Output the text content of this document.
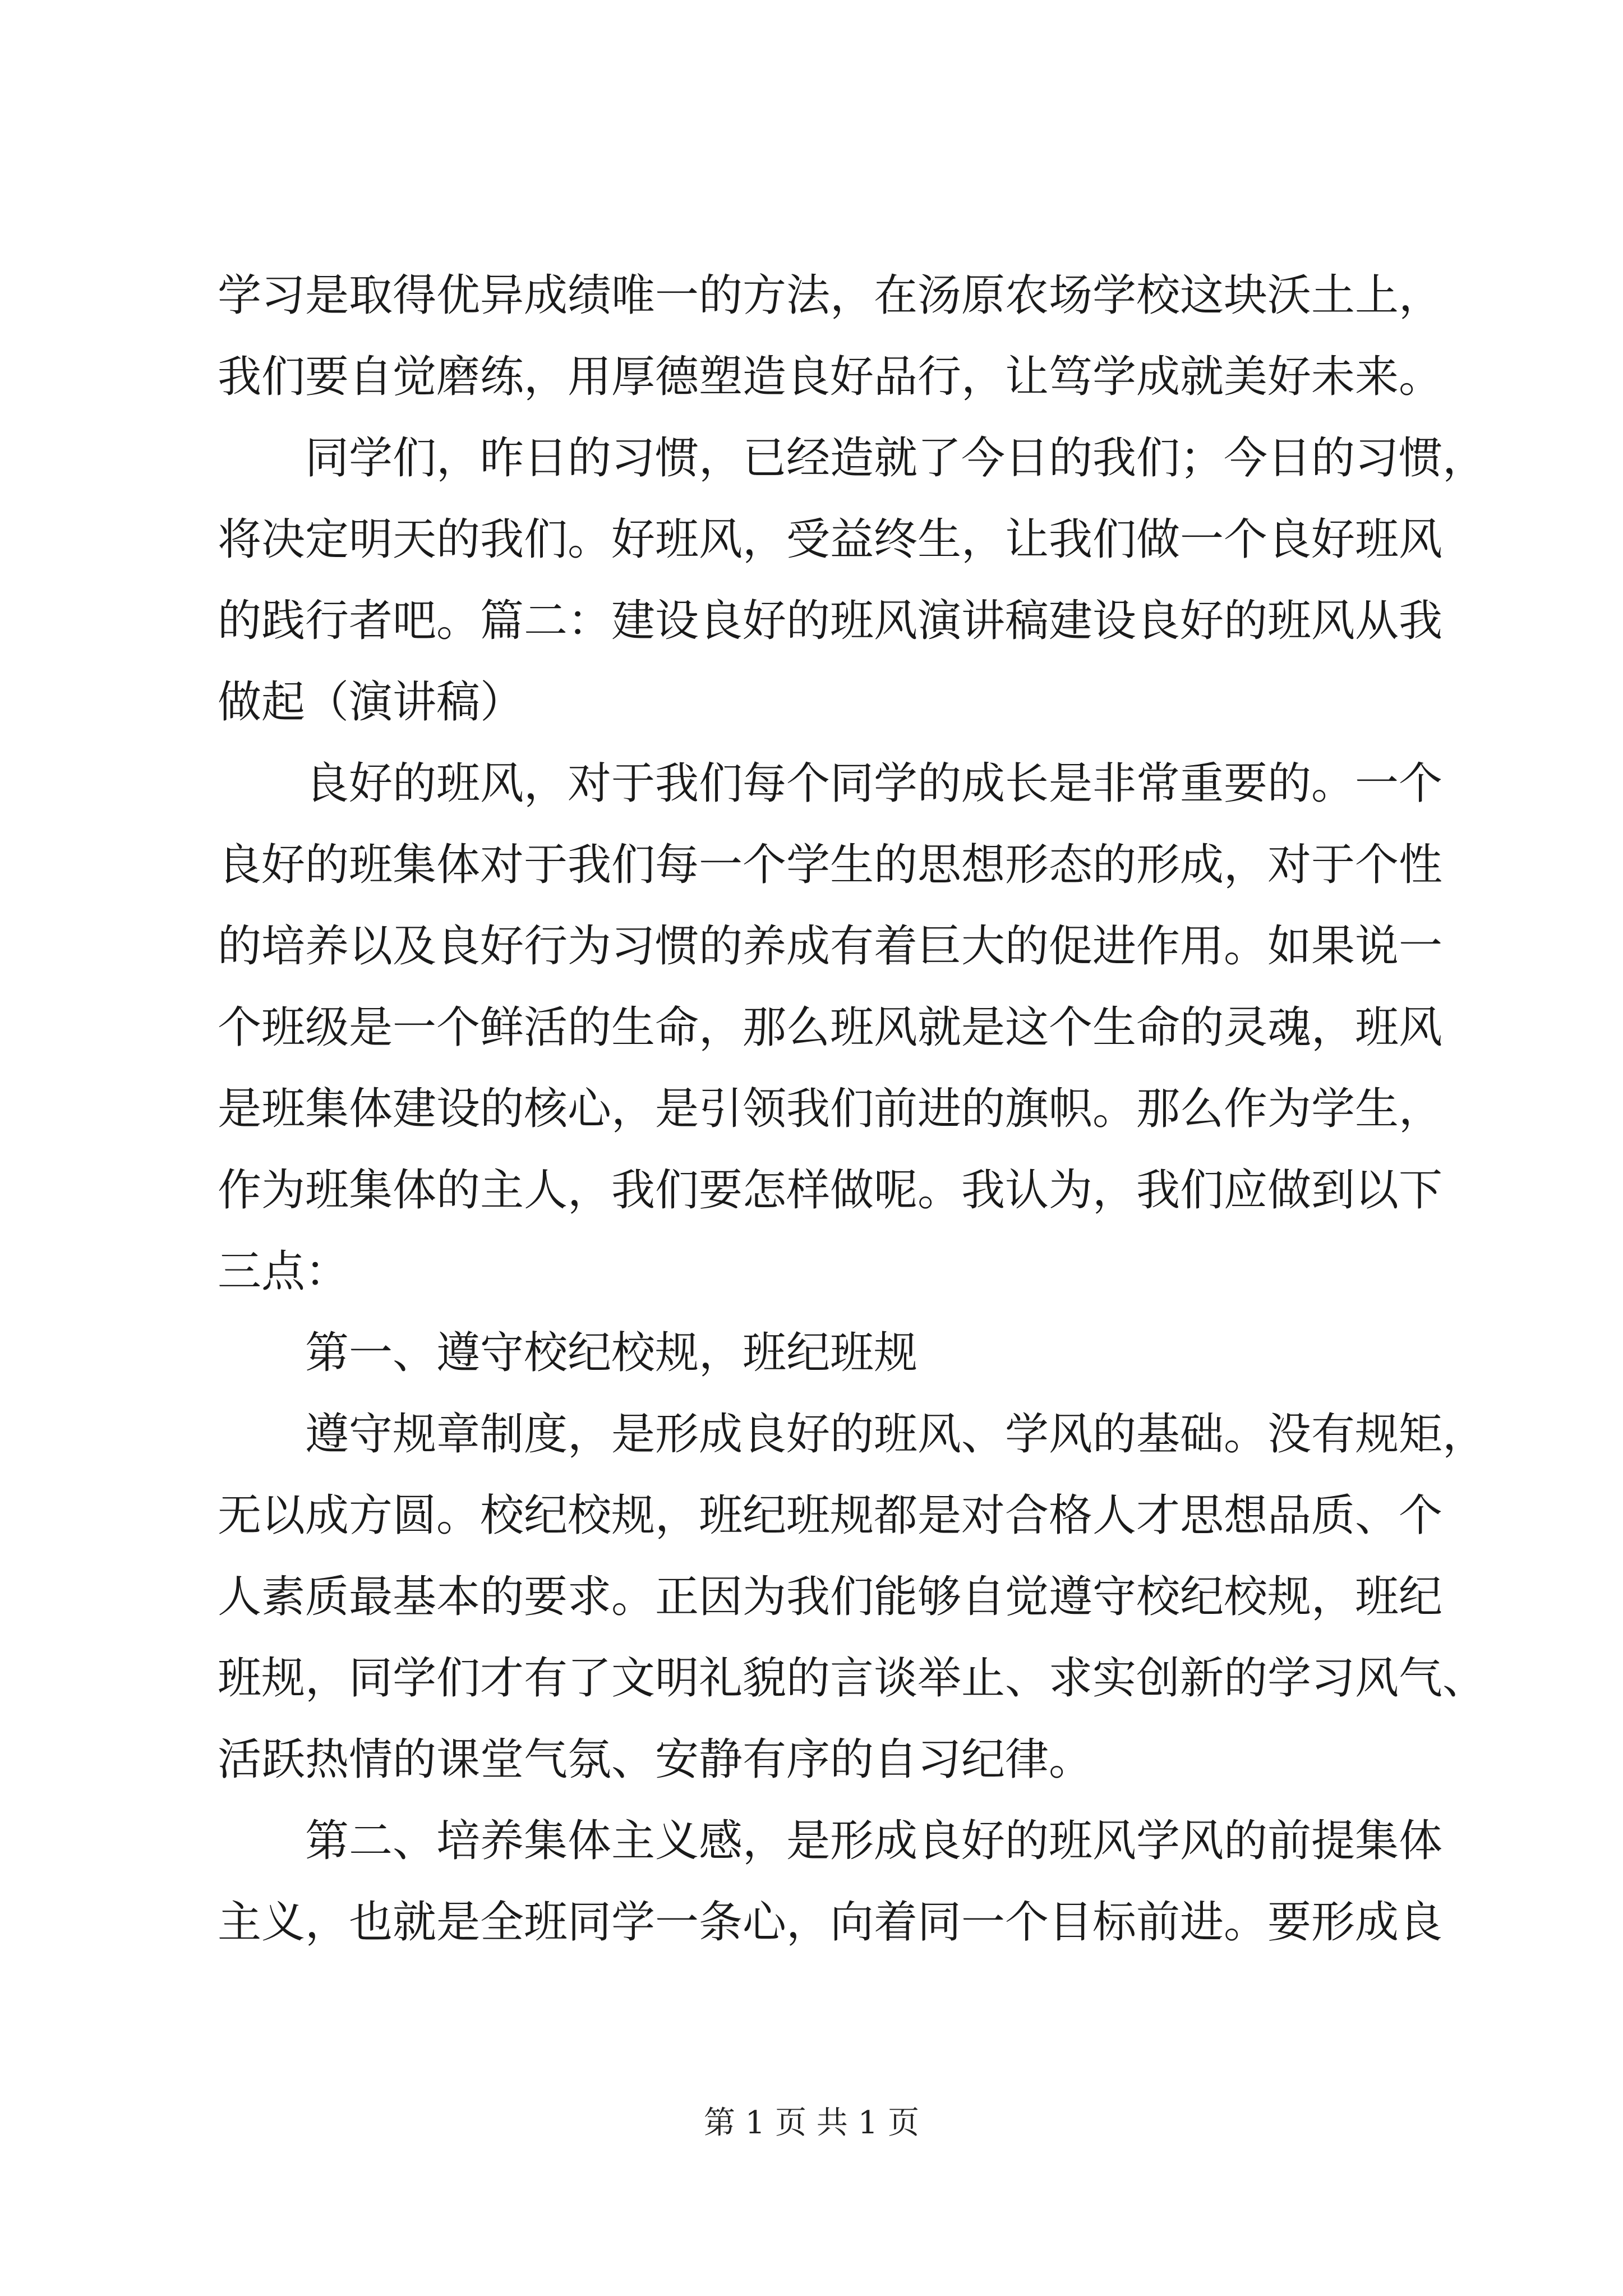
学习是取得优异成绩唯一的方法，在汤原农场学校这块沃土上，
我们要自觉磨练，用厚德塑造良好品行，让笃学成就美好未来。
同学们，昨日的习惯，已经造就了今日的我们；今日的习惯，
将决定明天的我们。好班风，受益终生，让我们做一个良好班风
的践行者吧。篇二：建设良好的班风演讲稿建设良好的班风从我
做起（演讲稿）
良好的班风，对于我们每个同学的成长是非常重要的。一个
良好的班集体对于我们每一个学生的思想形态的形成，对于个性
的培养以及良好行为习惯的养成有着巨大的促进作用。如果说一
个班级是一个鲜活的生命，那么班风就是这个生命的灵魂，班风
是班集体建设的核心，是引领我们前进的旗帜。那么作为学生，
作为班集体的主人，我们要怎样做呢。我认为，我们应做到以下
三点：
第一、遵守校纪校规，班纪班规
遵守规章制度，是形成良好的班风、学风的基础。没有规矩，
无以成方圆。校纪校规，班纪班规都是对合格人才思想品质、个
人素质最基本的要求。正因为我们能够自觉遵守校纪校规，班纪
班规，同学们才有了文明礼貌的言谈举止、求实创新的学习风气、
活跃热情的课堂气氛、安静有序的自习纪律。
第二、培养集体主义感，是形成良好的班风学风的前提集体
主义，也就是全班同学一条心，向着同一个目标前进。要形成良
第 1 页 共 1 页
